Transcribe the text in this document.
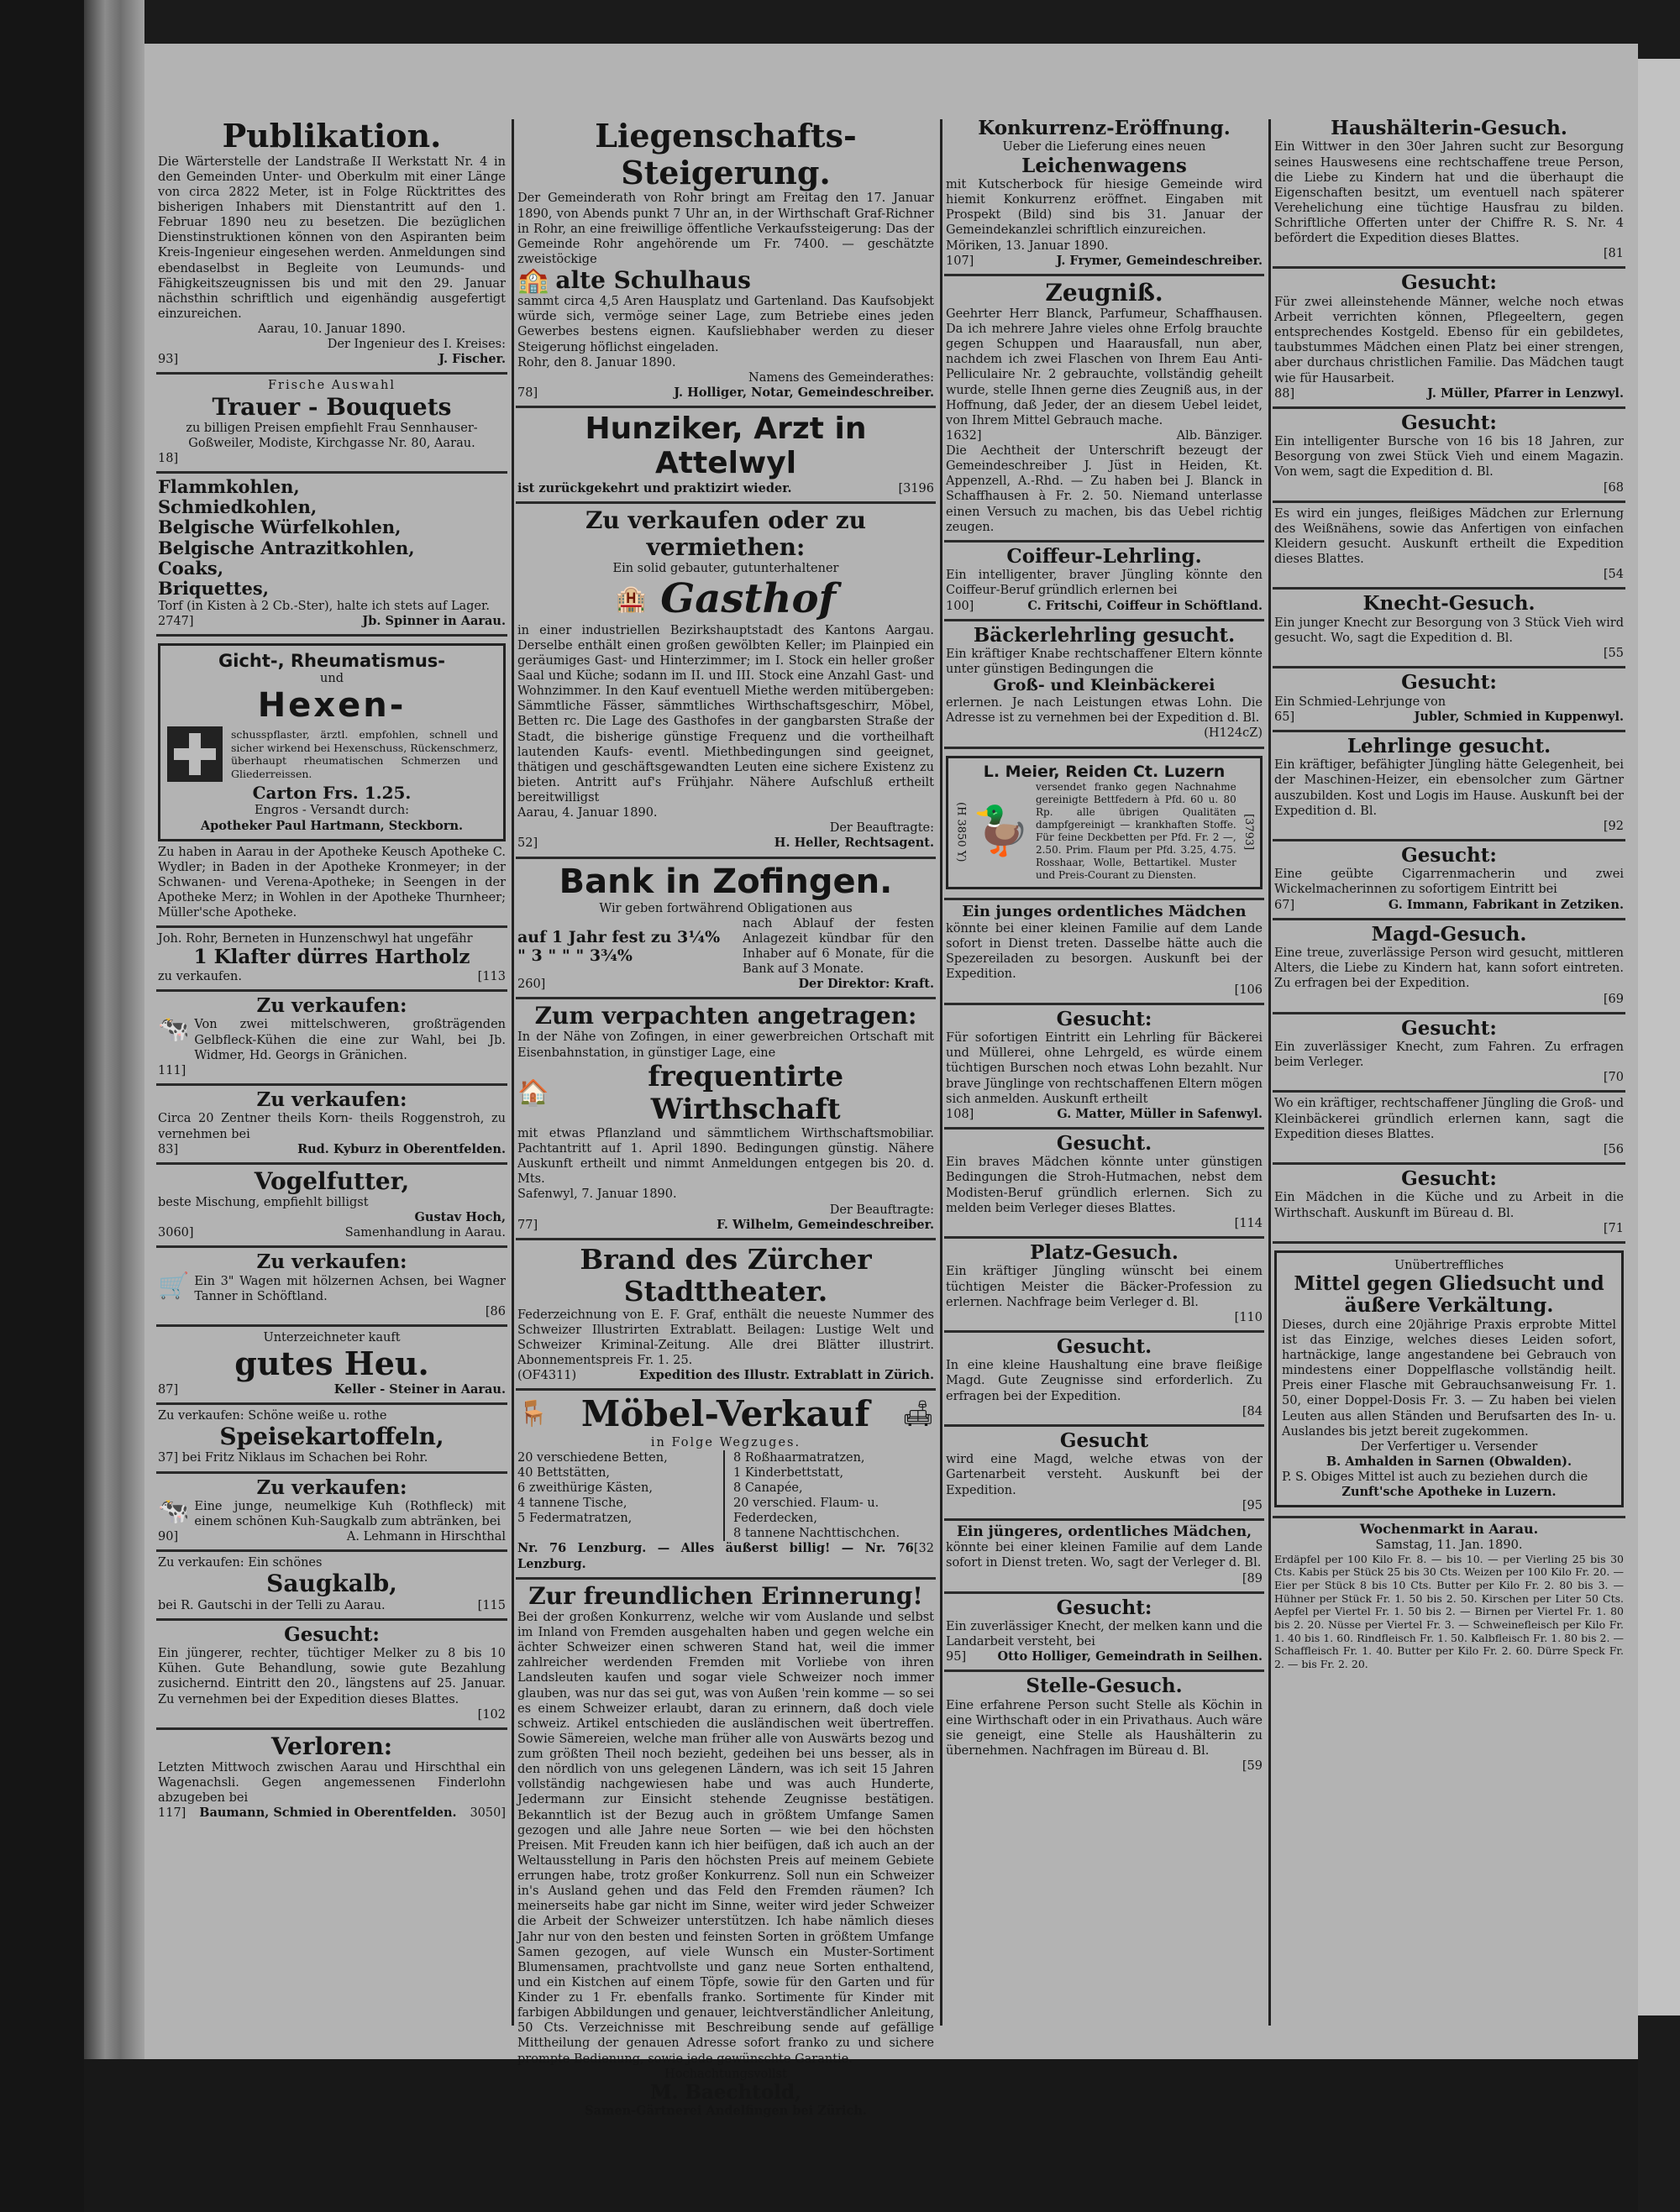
Publikation.

Die Wärterstelle der Landstraße II Werkstatt Nr. 4 in den Gemeinden Unter- und Oberkulm mit einer Länge von circa 2822 Meter, ist in Folge Rücktrittes des bisherigen Inhabers mit Dienstantritt auf den 1. Februar 1890 neu zu besetzen. Die bezüglichen Dienstinstruktionen können von den Aspiranten beim Kreis-Ingenieur eingesehen werden. Anmeldungen sind ebendaselbst in Begleite von Leumunds- und Fähigkeitszeugnissen bis und mit den 29. Januar nächsthin schriftlich und eigenhändig ausgefertigt einzureichen.

Aarau, 10. Januar 1890.

Der Ingenieur des I. Kreises:

93]	J. Fischer.

Frische Auswahl

Trauer - Bouquets

zu billigen Preisen empfiehlt Frau Sennhauser-Goßweiler, Modiste, Kirchgasse Nr. 80, Aarau.

18]

Flammkohlen,
Schmiedkohlen,
Belgische Würfelkohlen,
Belgische Antrazitkohlen,
Coaks,
Briquettes,

Torf (in Kisten à 2 Cb.-Ster), halte ich stets auf Lager.

2747]	Jb. Spinner in Aarau.
Gicht-, Rheumatismus-
und
Hexen-

schusspflaster, ärztl. empfohlen, schnell und sicher wirkend bei Hexenschuss, Rückenschmerz, überhaupt rheumatischen Schmerzen und Gliederreissen.

Carton Frs. 1.25.

Engros - Versandt durch:

Apotheker Paul Hartmann, Steckborn.

Zu haben in Aarau in der Apotheke Keusch Apotheke C. Wydler; in Baden in der Apotheke Kronmeyer; in der Schwanen- und Verena-Apotheke; in Seengen in der Apotheke Merz; in Wohlen in der Apotheke Thurnheer; Müller'sche Apotheke.

Joh. Rohr, Berneten in Hunzenschwyl hat ungefähr

1 Klafter dürres Hartholz
zu verkaufen.	[113
Zu verkaufen:
🐄 Von zwei mittelschweren, großträgenden Gelbfleck-Kühen die eine zur Wahl, bei Jb. Widmer, Hd. Georgs in Gränichen.

111]

Zu verkaufen:

Circa 20 Zentner theils Korn- theils Roggenstroh, zu vernehmen bei

83]	Rud. Kyburz in Oberentfelden.
Vogelfutter,

beste Mischung, empfiehlt billigst

Gustav Hoch,

3060]	Samenhandlung in Aarau.
Zu verkaufen:
🛒 Ein 3" Wagen mit hölzernen Achsen, bei Wagner Tanner in Schöftland.

[86

Unterzeichneter kauft

gutes Heu.
87]	Keller - Steiner in Aarau.

Zu verkaufen: Schöne weiße u. rothe

Speisekartoffeln,

37] bei Fritz Niklaus im Schachen bei Rohr.

Zu verkaufen:
🐄 Eine junge, neumelkige Kuh (Rothfleck) mit einem schönen Kuh-Saugkalb zum abtränken, bei

90]	A. Lehmann in Hirschthal

Zu verkaufen: Ein schönes

Saugkalb,
bei R. Gautschi in der Telli zu Aarau.	[115
Gesucht:

Ein jüngerer, rechter, tüchtiger Melker zu 8 bis 10 Kühen. Gute Behandlung, sowie gute Bezahlung zusichernd. Eintritt den 20., längstens auf 25. Januar. Zu vernehmen bei der Expedition dieses Blattes.

[102

Verloren:

Letzten Mittwoch zwischen Aarau und Hirschthal ein Wagenachsli. Gegen angemessenen Finderlohn abzugeben bei

117] Baumann, Schmied in Oberentfelden. 3050]
Liegenschafts-Steigerung.

Der Gemeinderath von Rohr bringt am Freitag den 17. Januar 1890, von Abends punkt 7 Uhr an, in der Wirthschaft Graf-Richner in Rohr, an eine freiwillige öffentliche Verkaufssteigerung: Das der Gemeinde Rohr angehörende um Fr. 7400. — geschätzte zweistöckige

🏫 alte Schulhaus

sammt circa 4,5 Aren Hausplatz und Gartenland. Das Kaufsobjekt würde sich, vermöge seiner Lage, zum Betriebe eines jeden Gewerbes bestens eignen. Kaufsliebhaber werden zu dieser Steigerung höflichst eingeladen.

Rohr, den 8. Januar 1890.

Namens des Gemeinderathes:

78]	J. Holliger, Notar, Gemeindeschreiber.
Hunziker, Arzt in Attelwyl
ist zurückgekehrt und praktizirt wieder.	[3196
Zu verkaufen oder zu vermiethen:

Ein solid gebauter, gutunterhaltener

🏨 Gasthof

in einer industriellen Bezirkshauptstadt des Kantons Aargau. Derselbe enthält einen großen gewölbten Keller; im Plainpied ein geräumiges Gast- und Hinterzimmer; im I. Stock ein heller großer Saal und Küche; sodann im II. und III. Stock eine Anzahl Gast- und Wohnzimmer. In den Kauf eventuell Miethe werden mitübergeben: Sämmtliche Fässer, sämmtliches Wirthschaftsgeschirr, Möbel, Betten rc. Die Lage des Gasthofes in der gangbarsten Straße der Stadt, die bisherige günstige Frequenz und die vortheilhaft lautenden Kaufs- eventl. Miethbedingungen sind geeignet, thätigen und geschäftsgewandten Leuten eine sichere Existenz zu bieten. Antritt auf's Frühjahr. Nähere Aufschluß ertheilt bereitwilligst

Aarau, 4. Januar 1890.

Der Beauftragte:

52]	H. Heller, Rechtsagent.
Bank in Zofingen.

Wir geben fortwährend Obligationen aus

auf 1 Jahr fest zu 3¼%
" 3 " " " 3¾%

nach Ablauf der festen Anlagezeit kündbar für den Inhaber auf 6 Monate, für die Bank auf 3 Monate.

260]	Der Direktor: Kraft.
Zum verpachten angetragen:

In der Nähe von Zofingen, in einer gewerbreichen Ortschaft mit Eisenbahnstation, in günstiger Lage, eine

🏠	frequentirte Wirthschaft

mit etwas Pflanzland und sämmtlichem Wirthschaftsmobiliar. Pachtantritt auf 1. April 1890. Bedingungen günstig. Nähere Auskunft ertheilt und nimmt Anmeldungen entgegen bis 20. d. Mts.

Safenwyl, 7. Januar 1890.

Der Beauftragte:

77]	F. Wilhelm, Gemeindeschreiber.
Brand des Zürcher Stadttheater.

Federzeichnung von E. F. Graf, enthält die neueste Nummer des Schweizer Illustrirten Extrablatt. Beilagen: Lustige Welt und Schweizer Kriminal-Zeitung. Alle drei Blätter illustrirt. Abonnementspreis Fr. 1. 25.

(OF4311)	Expedition des Illustr. Extrablatt in Zürich.
🪑 Möbel-Verkauf 🛋

in Folge Wegzuges.

20 verschiedene Betten,
40 Bettstätten,
6 zweithürige Kästen,
4 tannene Tische,
5 Federmatratzen,
8 Roßhaarmatratzen,
1 Kinderbettstatt,
8 Canapée,
20 verschied. Flaum- u. Federdecken,
8 tannene Nachttischchen.
Nr. 76 Lenzburg. — Alles äußerst billig! — Nr. 76 Lenzburg.
[32
Zur freundlichen Erinnerung!

Bei der großen Konkurrenz, welche wir vom Auslande und selbst im Inland von Fremden ausgehalten haben und gegen welche ein ächter Schweizer einen schweren Stand hat, weil die immer zahlreicher werdenden Fremden mit Vorliebe von ihren Landsleuten kaufen und sogar viele Schweizer noch immer glauben, was nur das sei gut, was von Außen 'rein komme — so sei es einem Schweizer erlaubt, daran zu erinnern, daß doch viele schweiz. Artikel entschieden die ausländischen weit übertreffen. Sowie Sämereien, welche man früher alle von Auswärts bezog und zum größten Theil noch bezieht, gedeihen bei uns besser, als in den nördlich von uns gelegenen Ländern, was ich seit 15 Jahren vollständig nachgewiesen habe und was auch Hunderte, Jedermann zur Einsicht stehende Zeugnisse bestätigen. Bekanntlich ist der Bezug auch in größtem Umfange Samen gezogen und alle Jahre neue Sorten — wie bei den höchsten Preisen. Mit Freuden kann ich hier beifügen, daß ich auch an der Weltausstellung in Paris den höchsten Preis auf meinem Gebiete errungen habe, trotz großer Konkurrenz. Soll nun ein Schweizer in's Ausland gehen und das Feld den Fremden räumen? Ich meinerseits habe gar nicht im Sinne, weiter wird jeder Schweizer die Arbeit der Schweizer unterstützen. Ich habe nämlich dieses Jahr nur von den besten und feinsten Sorten in größtem Umfange Samen gezogen, auf viele Wunsch ein Muster-Sortiment Blumensamen, prachtvollste und ganz neue Sorten enthaltend, und ein Kistchen auf einem Töpfe, sowie für den Garten und für Kinder zu 1 Fr. ebenfalls franko. Sortimente für Kinder mit farbigen Abbildungen und genauer, leichtverständlicher Anleitung, 50 Cts. Verzeichnisse mit Beschreibung sende auf gefällige Mittheilung der genauen Adresse sofort franko zu und sichere prompte Bedienung, sowie jede gewünschte Garantie.

Hochachtungsvollst

M. Baechtold,

Samen-Gärtnerei Andelfingen bei Zürich.

Konkurrenz-Eröffnung.

Ueber die Lieferung eines neuen

Leichenwagens

mit Kutscherbock für hiesige Gemeinde wird hiemit Konkurrenz eröffnet. Eingaben mit Prospekt (Bild) sind bis 31. Januar der Gemeindekanzlei schriftlich einzureichen.

Möriken, 13. Januar 1890.

107]	J. Frymer, Gemeindeschreiber.
Zeugniß.

Geehrter Herr Blanck, Parfumeur, Schaffhausen. Da ich mehrere Jahre vieles ohne Erfolg brauchte gegen Schuppen und Haarausfall, nun aber, nachdem ich zwei Flaschen von Ihrem Eau Anti-Pelliculaire Nr. 2 gebrauchte, vollständig geheilt wurde, stelle Ihnen gerne dies Zeugniß aus, in der Hoffnung, daß Jeder, der an diesem Uebel leidet, von Ihrem Mittel Gebrauch mache.

1632]	Alb. Bänziger.

Die Aechtheit der Unterschrift bezeugt der Gemeindeschreiber J. Jüst in Heiden, Kt. Appenzell, A.-Rhd. — Zu haben bei J. Blanck in Schaffhausen à Fr. 2. 50. Niemand unterlasse einen Versuch zu machen, bis das Uebel richtig zeugen.

Coiffeur-Lehrling.

Ein intelligenter, braver Jüngling könnte den Coiffeur-Beruf gründlich erlernen bei

100]	C. Fritschi, Coiffeur in Schöftland.
Bäckerlehrling gesucht.

Ein kräftiger Knabe rechtschaffener Eltern könnte unter günstigen Bedingungen die

Groß- und Kleinbäckerei

erlernen. Je nach Leistungen etwas Lohn. Die Adresse ist zu vernehmen bei der Expedition d. Bl.

(H124cZ)

L. Meier, Reiden Ct. Luzern
(H 3850 Y) 🦆

versendet franko gegen Nachnahme gereinigte Bettfedern à Pfd. 60 u. 80 Rp. alle übrigen Qualitäten dampfgereinigt — krankhaften Stoffe. Für feine Deckbetten per Pfd. Fr. 2 —, 2.50. Prim. Flaum per Pfd. 3.25, 4.75. Rosshaar, Wolle, Bettartikel. Muster und Preis-Courant zu Diensten.

[3793]
Ein junges ordentliches Mädchen

könnte bei einer kleinen Familie auf dem Lande sofort in Dienst treten. Dasselbe hätte auch die Spezereiladen zu besorgen. Auskunft bei der Expedition.

[106

Gesucht:

Für sofortigen Eintritt ein Lehrling für Bäckerei und Müllerei, ohne Lehrgeld, es würde einem tüchtigen Burschen noch etwas Lohn bezahlt. Nur brave Jünglinge von rechtschaffenen Eltern mögen sich anmelden. Auskunft ertheilt

108]	G. Matter, Müller in Safenwyl.
Gesucht.

Ein braves Mädchen könnte unter günstigen Bedingungen die Stroh-Hutmachen, nebst dem Modisten-Beruf gründlich erlernen. Sich zu melden beim Verleger dieses Blattes.

[114

Platz-Gesuch.

Ein kräftiger Jüngling wünscht bei einem tüchtigen Meister die Bäcker-Profession zu erlernen. Nachfrage beim Verleger d. Bl.

[110

Gesucht.

In eine kleine Haushaltung eine brave fleißige Magd. Gute Zeugnisse sind erforderlich. Zu erfragen bei der Expedition.

[84

Gesucht

wird eine Magd, welche etwas von der Gartenarbeit versteht. Auskunft bei der Expedition.

[95

Ein jüngeres, ordentliches Mädchen,

könnte bei einer kleinen Familie auf dem Lande sofort in Dienst treten. Wo, sagt der Verleger d. Bl.

[89

Gesucht:

Ein zuverlässiger Knecht, der melken kann und die Landarbeit versteht, bei

95]	Otto Holliger, Gemeindrath in Seilhen.
Stelle-Gesuch.

Eine erfahrene Person sucht Stelle als Köchin in eine Wirthschaft oder in ein Privathaus. Auch wäre sie geneigt, eine Stelle als Haushälterin zu übernehmen. Nachfragen im Büreau d. Bl.

[59

Haushälterin-Gesuch.

Ein Wittwer in den 30er Jahren sucht zur Besorgung seines Hauswesens eine rechtschaffene treue Person, die Liebe zu Kindern hat und die überhaupt die Eigenschaften besitzt, um eventuell nach späterer Verehelichung eine tüchtige Hausfrau zu bilden. Schriftliche Offerten unter der Chiffre R. S. Nr. 4 befördert die Expedition dieses Blattes.

[81

Gesucht:

Für zwei alleinstehende Männer, welche noch etwas Arbeit verrichten können, Pflegeeltern, gegen entsprechendes Kostgeld. Ebenso für ein gebildetes, taubstummes Mädchen einen Platz bei einer strengen, aber durchaus christlichen Familie. Das Mädchen taugt wie für Hausarbeit.

88]	J. Müller, Pfarrer in Lenzwyl.
Gesucht:

Ein intelligenter Bursche von 16 bis 18 Jahren, zur Besorgung von zwei Stück Vieh und einem Magazin. Von wem, sagt die Expedition d. Bl.

[68

Es wird ein junges, fleißiges Mädchen zur Erlernung des Weißnähens, sowie das Anfertigen von einfachen Kleidern gesucht. Auskunft ertheilt die Expedition dieses Blattes.

[54

Knecht-Gesuch.

Ein junger Knecht zur Besorgung von 3 Stück Vieh wird gesucht. Wo, sagt die Expedition d. Bl.

[55

Gesucht:

Ein Schmied-Lehrjunge von

65]	Jubler, Schmied in Kuppenwyl.
Lehrlinge gesucht.

Ein kräftiger, befähigter Jüngling hätte Gelegenheit, bei der Maschinen-Heizer, ein ebensolcher zum Gärtner auszubilden. Kost und Logis im Hause. Auskunft bei der Expedition d. Bl.

[92

Gesucht:

Eine geübte Cigarrenmacherin und zwei Wickelmacherinnen zu sofortigem Eintritt bei

67]	G. Immann, Fabrikant in Zetziken.
Magd-Gesuch.

Eine treue, zuverlässige Person wird gesucht, mittleren Alters, die Liebe zu Kindern hat, kann sofort eintreten. Zu erfragen bei der Expedition.

[69

Gesucht:

Ein zuverlässiger Knecht, zum Fahren. Zu erfragen beim Verleger.

[70

Wo ein kräftiger, rechtschaffener Jüngling die Groß- und Kleinbäckerei gründlich erlernen kann, sagt die Expedition dieses Blattes.

[56

Gesucht:

Ein Mädchen in die Küche und zu Arbeit in die Wirthschaft. Auskunft im Büreau d. Bl.

[71

Unübertreffliches

Mittel gegen Gliedsucht und äußere Verkältung.

Dieses, durch eine 20jährige Praxis erprobte Mittel ist das Einzige, welches dieses Leiden sofort, hartnäckige, lange angestandene bei Gebrauch von mindestens einer Doppelflasche vollständig heilt. Preis einer Flasche mit Gebrauchsanweisung Fr. 1. 50, einer Doppel-Dosis Fr. 3. — Zu haben bei vielen Leuten aus allen Ständen und Berufsarten des In- u. Auslandes bis jetzt bereit zugekommen.

Der Verfertiger u. Versender

B. Amhalden in Sarnen (Obwalden).

P. S. Obiges Mittel ist auch zu beziehen durch die

Zunft'sche Apotheke in Luzern.

Wochenmarkt in Aarau.

Samstag, 11. Jan. 1890.

Erdäpfel per 100 Kilo Fr. 8. — bis 10. — per Vierling 25 bis 30 Cts. Kabis per Stück 25 bis 30 Cts. Weizen per 100 Kilo Fr. 20. — Eier per Stück 8 bis 10 Cts. Butter per Kilo Fr. 2. 80 bis 3. — Hühner per Stück Fr. 1. 50 bis 2. 50. Kirschen per Liter 50 Cts. Aepfel per Viertel Fr. 1. 50 bis 2. — Birnen per Viertel Fr. 1. 80 bis 2. 20. Nüsse per Viertel Fr. 3. — Schweinefleisch per Kilo Fr. 1. 40 bis 1. 60. Rindfleisch Fr. 1. 50. Kalbfleisch Fr. 1. 80 bis 2. — Schaffleisch Fr. 1. 40. Butter per Kilo Fr. 2. 60. Dürre Speck Fr. 2. — bis Fr. 2. 20.
